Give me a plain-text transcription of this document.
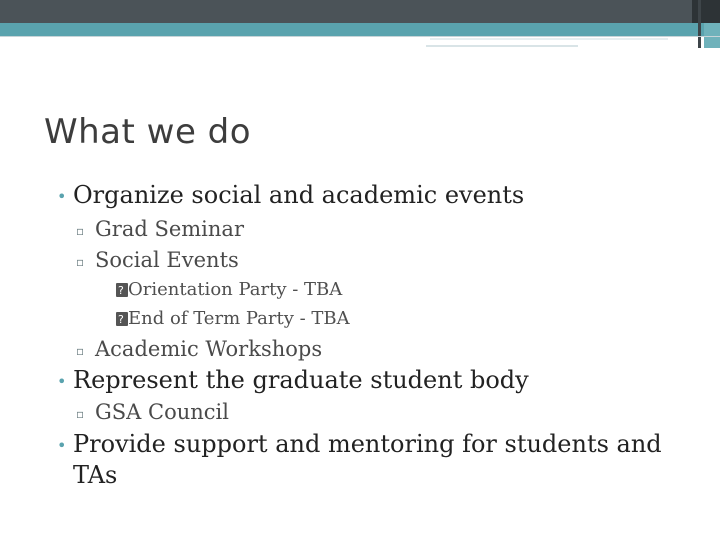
What we do
• Organize social and academic events
▫ Grad Seminar
▫ Social Events
?Orientation Party - TBA
?End of Term Party - TBA
▫ Academic Workshops
• Represent the graduate student body
▫ GSA Council
• Provide support and mentoring for students and
TAs
